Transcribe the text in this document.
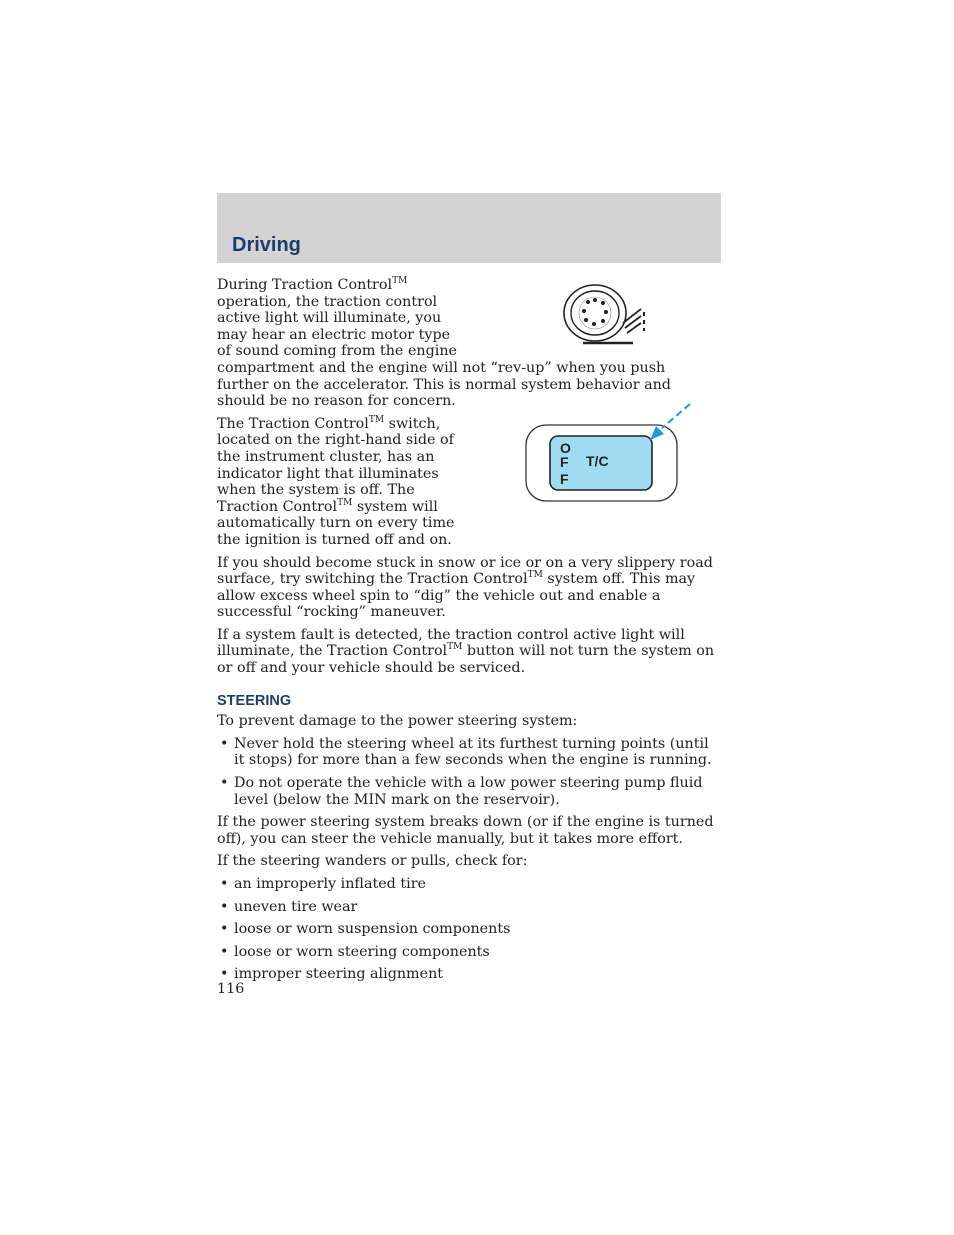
Driving
O
F
F
T/C

During Traction Control™ operation, the traction control active light will illuminate, you may hear an electric motor type of sound coming from the engine compartment and the engine will not “rev-up” when you push further on the accelerator. This is normal system behavior and should be no reason for concern.

The Traction Control™ switch, located on the right-hand side of the instrument cluster, has an indicator light that illuminates when the system is off. The Traction Control™ system will automatically turn on every time the ignition is turned off and on.

If you should become stuck in snow or ice or on a very slippery road surface, try switching the Traction Control™ system off. This may allow excess wheel spin to “dig” the vehicle out and enable a successful “rocking” maneuver.

If a system fault is detected, the traction control active light will illuminate, the Traction Control™ button will not turn the system on or off and your vehicle should be serviced.

STEERING

To prevent damage to the power steering system:

• Never hold the steering wheel at its furthest turning points (until it stops) for more than a few seconds when the engine is running.
• Do not operate the vehicle with a low power steering pump fluid level (below the MIN mark on the reservoir).

If the power steering system breaks down (or if the engine is turned off), you can steer the vehicle manually, but it takes more effort.

If the steering wanders or pulls, check for:

• an improperly inflated tire
• uneven tire wear
• loose or worn suspension components
• loose or worn steering components
• improper steering alignment
116
